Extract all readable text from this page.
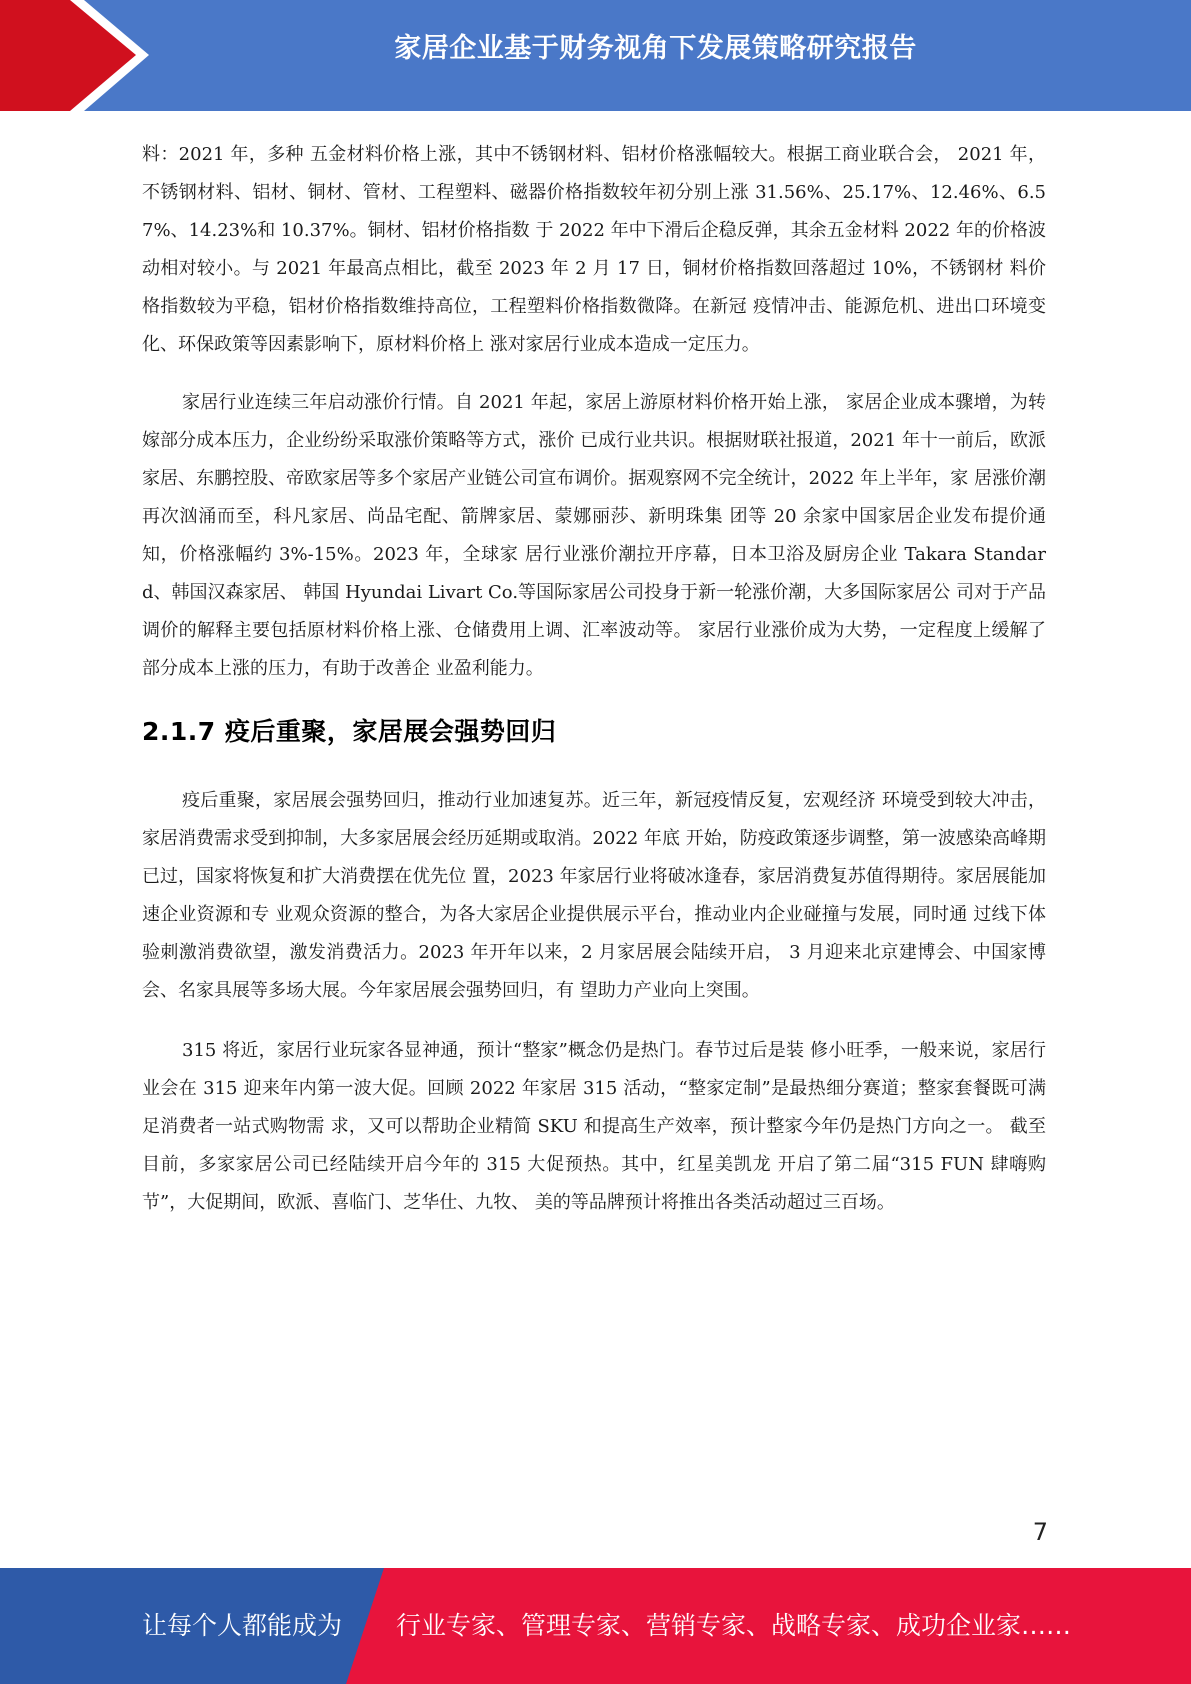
家居企业基于财务视角下发展策略研究报告

料：2021 年，多种 五金材料价格上涨，其中不锈钢材料、铝材价格涨幅较大。根据工商业联合会， 2021 年，不锈钢材料、铝材、铜材、管材、工程塑料、磁器价格指数较年初分别上涨 31.56%、25.17%、12.46%、6.57%、14.23%和 10.37%。铜材、铝材价格指数 于 2022 年中下滑后企稳反弹，其余五金材料 2022 年的价格波动相对较小。与 2021 年最高点相比，截至 2023 年 2 月 17 日，铜材价格指数回落超过 10%，不锈钢材 料价格指数较为平稳，铝材价格指数维持高位，工程塑料价格指数微降。在新冠 疫情冲击、能源危机、进出口环境变化、环保政策等因素影响下，原材料价格上 涨对家居行业成本造成一定压力。

家居行业连续三年启动涨价行情。自 2021 年起，家居上游原材料价格开始上涨， 家居企业成本骤增，为转嫁部分成本压力，企业纷纷采取涨价策略等方式，涨价 已成行业共识。根据财联社报道，2021 年十一前后，欧派家居、东鹏控股、帝欧家居等多个家居产业链公司宣布调价。据观察网不完全统计，2022 年上半年，家 居涨价潮再次汹涌而至，科凡家居、尚品宅配、箭牌家居、蒙娜丽莎、新明珠集 团等 20 余家中国家居企业发布提价通知，价格涨幅约 3%-15%。2023 年，全球家 居行业涨价潮拉开序幕，日本卫浴及厨房企业 Takara Standard、韩国汉森家居、 韩国 Hyundai Livart Co.等国际家居公司投身于新一轮涨价潮，大多国际家居公 司对于产品调价的解释主要包括原材料价格上涨、仓储费用上调、汇率波动等。 家居行业涨价成为大势，一定程度上缓解了部分成本上涨的压力，有助于改善企 业盈利能力。

2.1.7 疫后重聚，家居展会强势回归

疫后重聚，家居展会强势回归，推动行业加速复苏。近三年，新冠疫情反复，宏观经济 环境受到较大冲击，家居消费需求受到抑制，大多家居展会经历延期或取消。2022 年底 开始，防疫政策逐步调整，第一波感染高峰期已过，国家将恢复和扩大消费摆在优先位 置，2023 年家居行业将破冰逢春，家居消费复苏值得期待。家居展能加速企业资源和专 业观众资源的整合，为各大家居企业提供展示平台，推动业内企业碰撞与发展，同时通 过线下体验刺激消费欲望，激发消费活力。2023 年开年以来，2 月家居展会陆续开启， 3 月迎来北京建博会、中国家博会、名家具展等多场大展。今年家居展会强势回归，有 望助力产业向上突围。

315 将近，家居行业玩家各显神通，预计“整家”概念仍是热门。春节过后是装 修小旺季，一般来说，家居行业会在 315 迎来年内第一波大促。回顾 2022 年家居 315 活动，“整家定制”是最热细分赛道；整家套餐既可满足消费者一站式购物需 求，又可以帮助企业精简 SKU 和提高生产效率，预计整家今年仍是热门方向之一。 截至目前，多家家居公司已经陆续开启今年的 315 大促预热。其中，红星美凯龙 开启了第二届“315 FUN 肆嗨购节”，大促期间，欧派、喜临门、芝华仕、九牧、 美的等品牌预计将推出各类活动超过三百场。

7
让每个人都能成为 行业专家、管理专家、营销专家、战略专家、成功企业家……
